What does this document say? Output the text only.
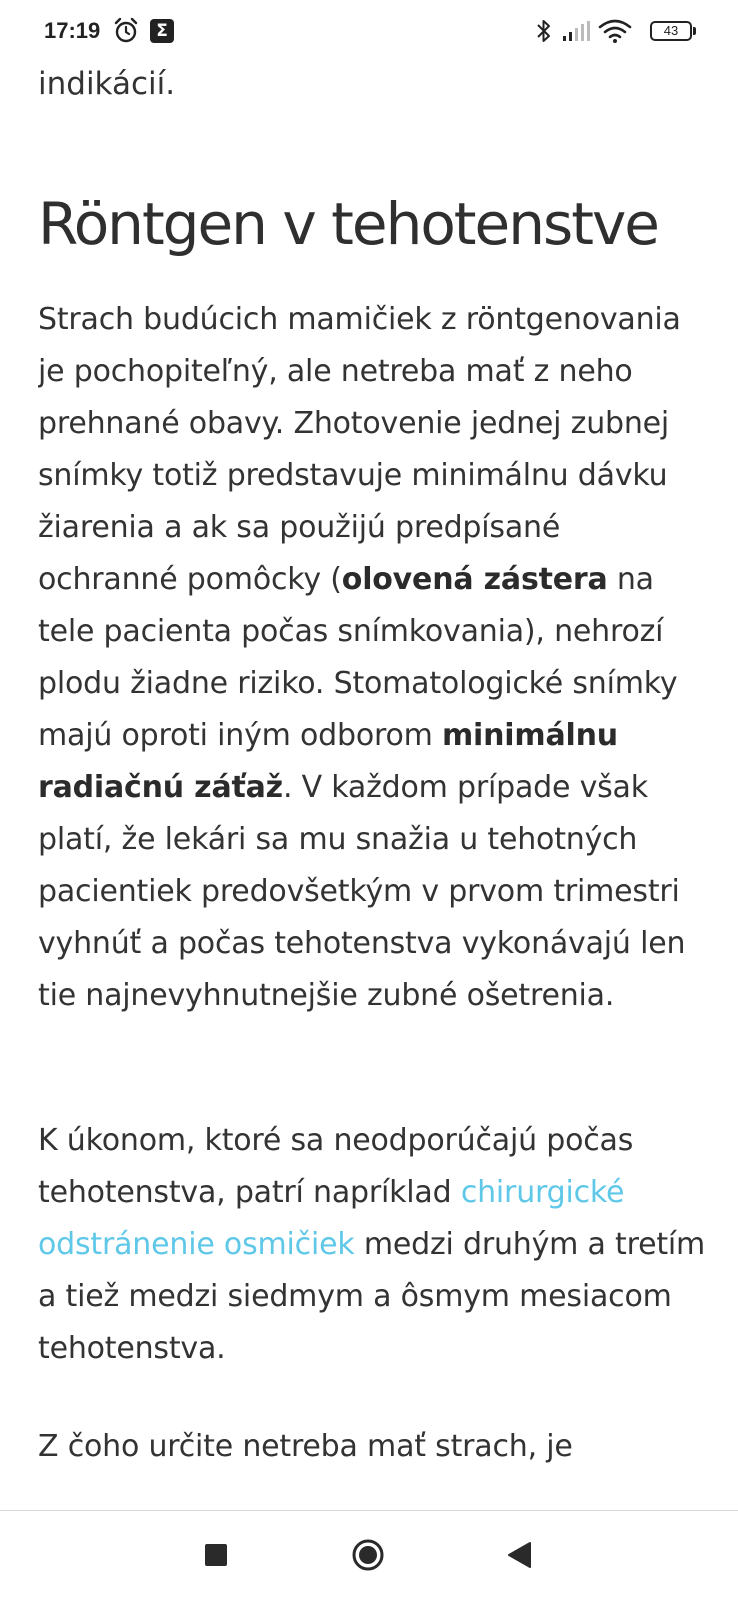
17:19	Σ	43

indikácií.

Röntgen v tehotenstve

Strach budúcich mamičiek z röntgenovania je pochopiteľný, ale netreba mať z neho prehnané obavy. Zhotovenie jednej zubnej snímky totiž predstavuje minimálnu dávku žiarenia a ak sa použijú predpísané ochranné pomôcky (olovená zástera na tele pacienta počas snímkovania), nehrozí plodu žiadne riziko. Stomatologické snímky majú oproti iným odborom minimálnu radiačnú záťaž. V každom prípade však platí, že lekári sa mu snažia u tehotných pacientiek predovšetkým v prvom trimestri vyhnúť a počas tehotenstva vykonávajú len tie najnevyhnutnejšie zubné ošetrenia.

K úkonom, ktoré sa neodporúčajú počas tehotenstva, patrí napríklad chirurgické odstránenie osmičiek medzi druhým a tretím a tiež medzi siedmym a ôsmym mesiacom tehotenstva.

Z čoho určite netreba mať strach, je
